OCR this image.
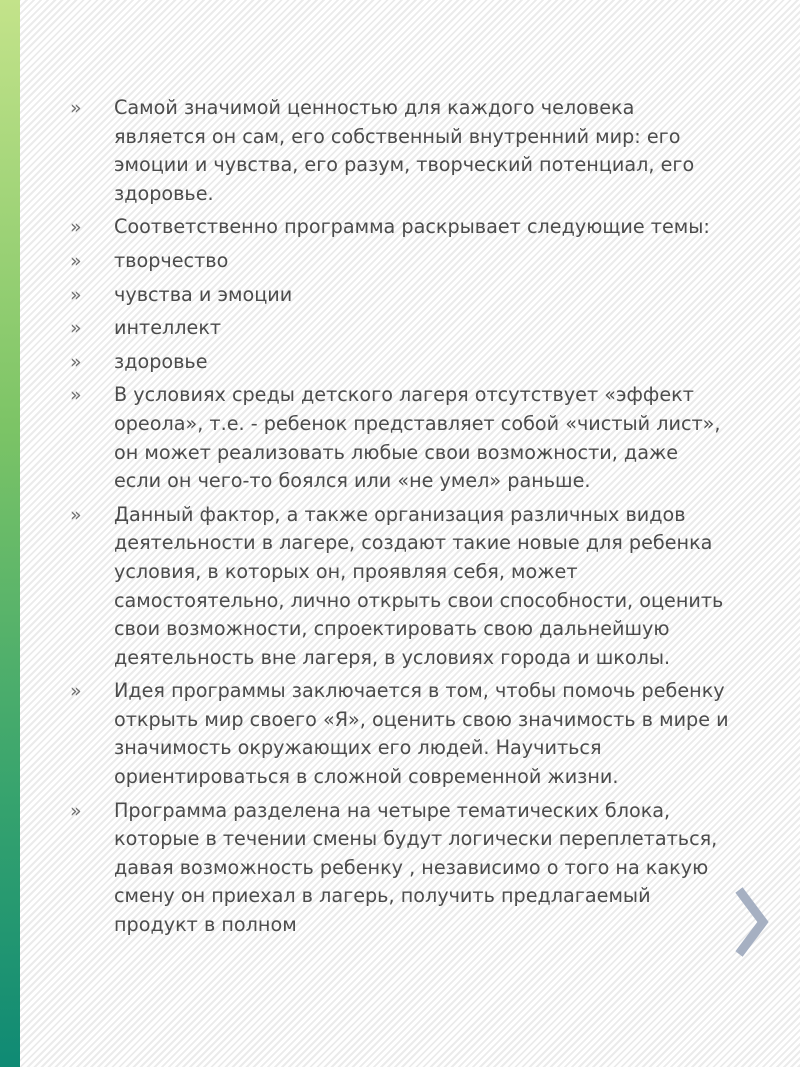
»	Самой значимой ценностью для каждого человека является он сам, его собственный внутренний мир: его эмоции и чувства, его разум, творческий потенциал, его здоровье.
»	Соответственно программа раскрывает следующие темы:
»	творчество
»	чувства и эмоции
»	интеллект
»	здоровье
»	В условиях среды детского лагеря отсутствует «эффект ореола», т.е. - ребенок представляет собой «чистый лист», он может реализовать любые свои возможности, даже если он чего-то боялся или «не умел» раньше.
»	Данный фактор, а также организация различных видов деятельности в лагере, создают такие новые для ребенка условия, в которых он, проявляя себя, может самостоятельно, лично открыть свои способности, оценить свои возможности, спроектировать свою дальнейшую деятельность вне лагеря, в условиях города и школы.
»	Идея программы заключается в том, чтобы помочь ребенку открыть мир своего «Я», оценить свою значимость в мире и значимость окружающих его людей. Научиться ориентироваться в сложной современной жизни.
»	Программа разделена на четыре тематических блока, которые в течении смены будут логически переплетаться, давая возможность ребенку , независимо о того на какую смену он приехал в лагерь, получить предлагаемый продукт в полном
